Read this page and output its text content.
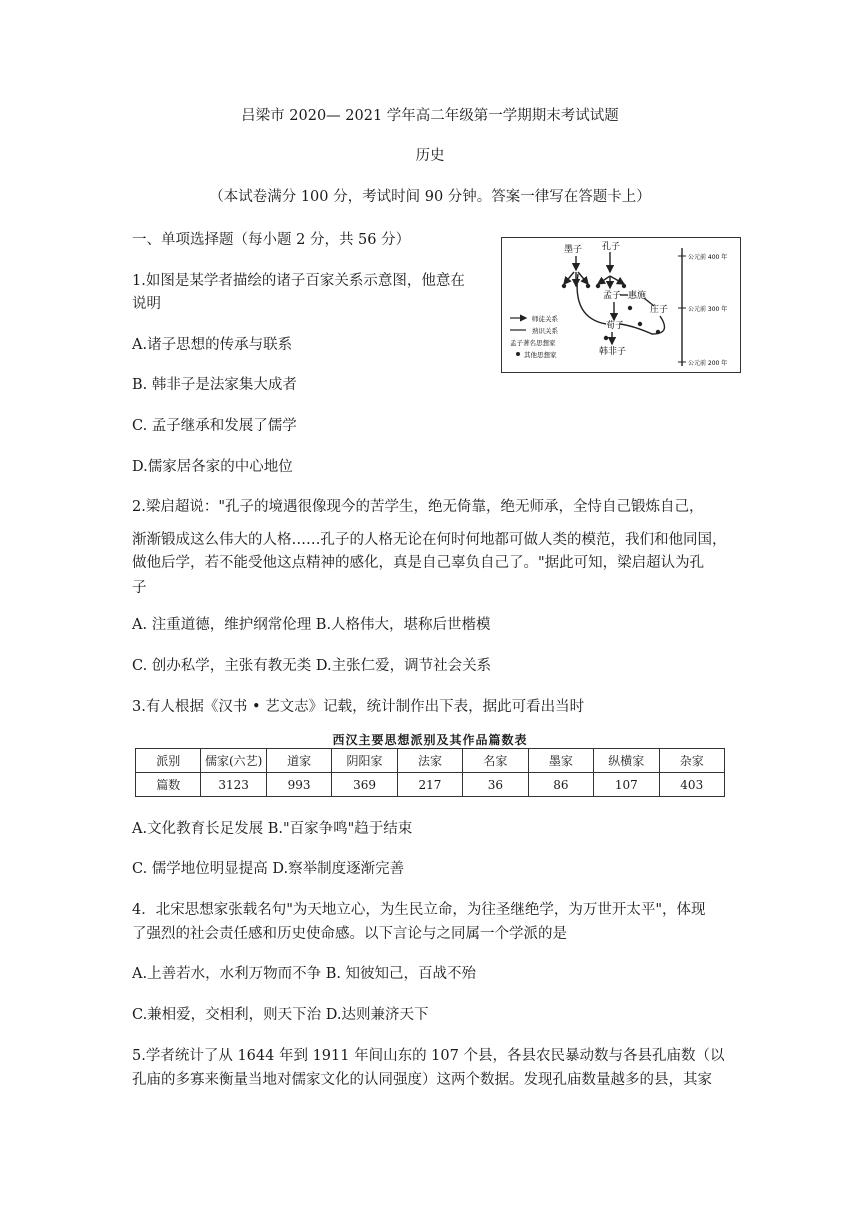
吕梁市 2020— 2021 学年高二年级第一学期期末考试试题
历史
（本试卷满分 100 分，考试时间 90 分钟。答案一律写在答题卡上）
一、单项选择题（每小题 2 分，共 56 分）
1.如图是某学者描绘的诸子百家关系示意图，他意在
说明
A.诸子思想的传承与联系
B. 韩非子是法家集大成者
C. 孟子继承和发展了儒学
D.儒家居各家的中心地位
墨子 孔子
孟子 惠施
庄子
荀子
韩非子
师徒关系
熟识关系
孟子著名思想家
其他思想家
公元前 400 年
公元前 300 年
公元前 200 年
2.梁启超说："孔子的境遇很像现今的苦学生，绝无倚靠，绝无师承，全恃自己锻炼自己，
渐渐锻成这么伟大的人格……孔子的人格无论在何时何地都可做人类的模范，我们和他同国，
做他后学，若不能受他这点精神的感化，真是自己辜负自己了。"据此可知，梁启超认为孔
子
A. 注重道德，维护纲常伦理 B.人格伟大，堪称后世楷模
C. 创办私学，主张有教无类 D.主张仁爱，调节社会关系
3.有人根据《汉书 • 艺文志》记载，统计制作出下表，据此可看出当时
西汉主要思想派别及其作品篇数表
派别	儒家(六艺)	道家	阴阳家	法家	名家	墨家	纵横家	杂家
篇数	3123	993	369	217	36	86	107	403
A.文化教育长足发展 B."百家争鸣"趋于结束
C. 儒学地位明显提高 D.察举制度逐渐完善
4．北宋思想家张载名句"为天地立心，为生民立命，为往圣继绝学，为万世开太平"，体现
了强烈的社会责任感和历史使命感。以下言论与之同属一个学派的是
A.上善若水，水利万物而不争 B. 知彼知己，百战不殆
C.兼相爱，交相利，则天下治 D.达则兼济天下
5.学者统计了从 1644 年到 1911 年间山东的 107 个县，各县农民暴动数与各县孔庙数（以
孔庙的多寡来衡量当地对儒家文化的认同强度）这两个数据。发现孔庙数量越多的县，其家
